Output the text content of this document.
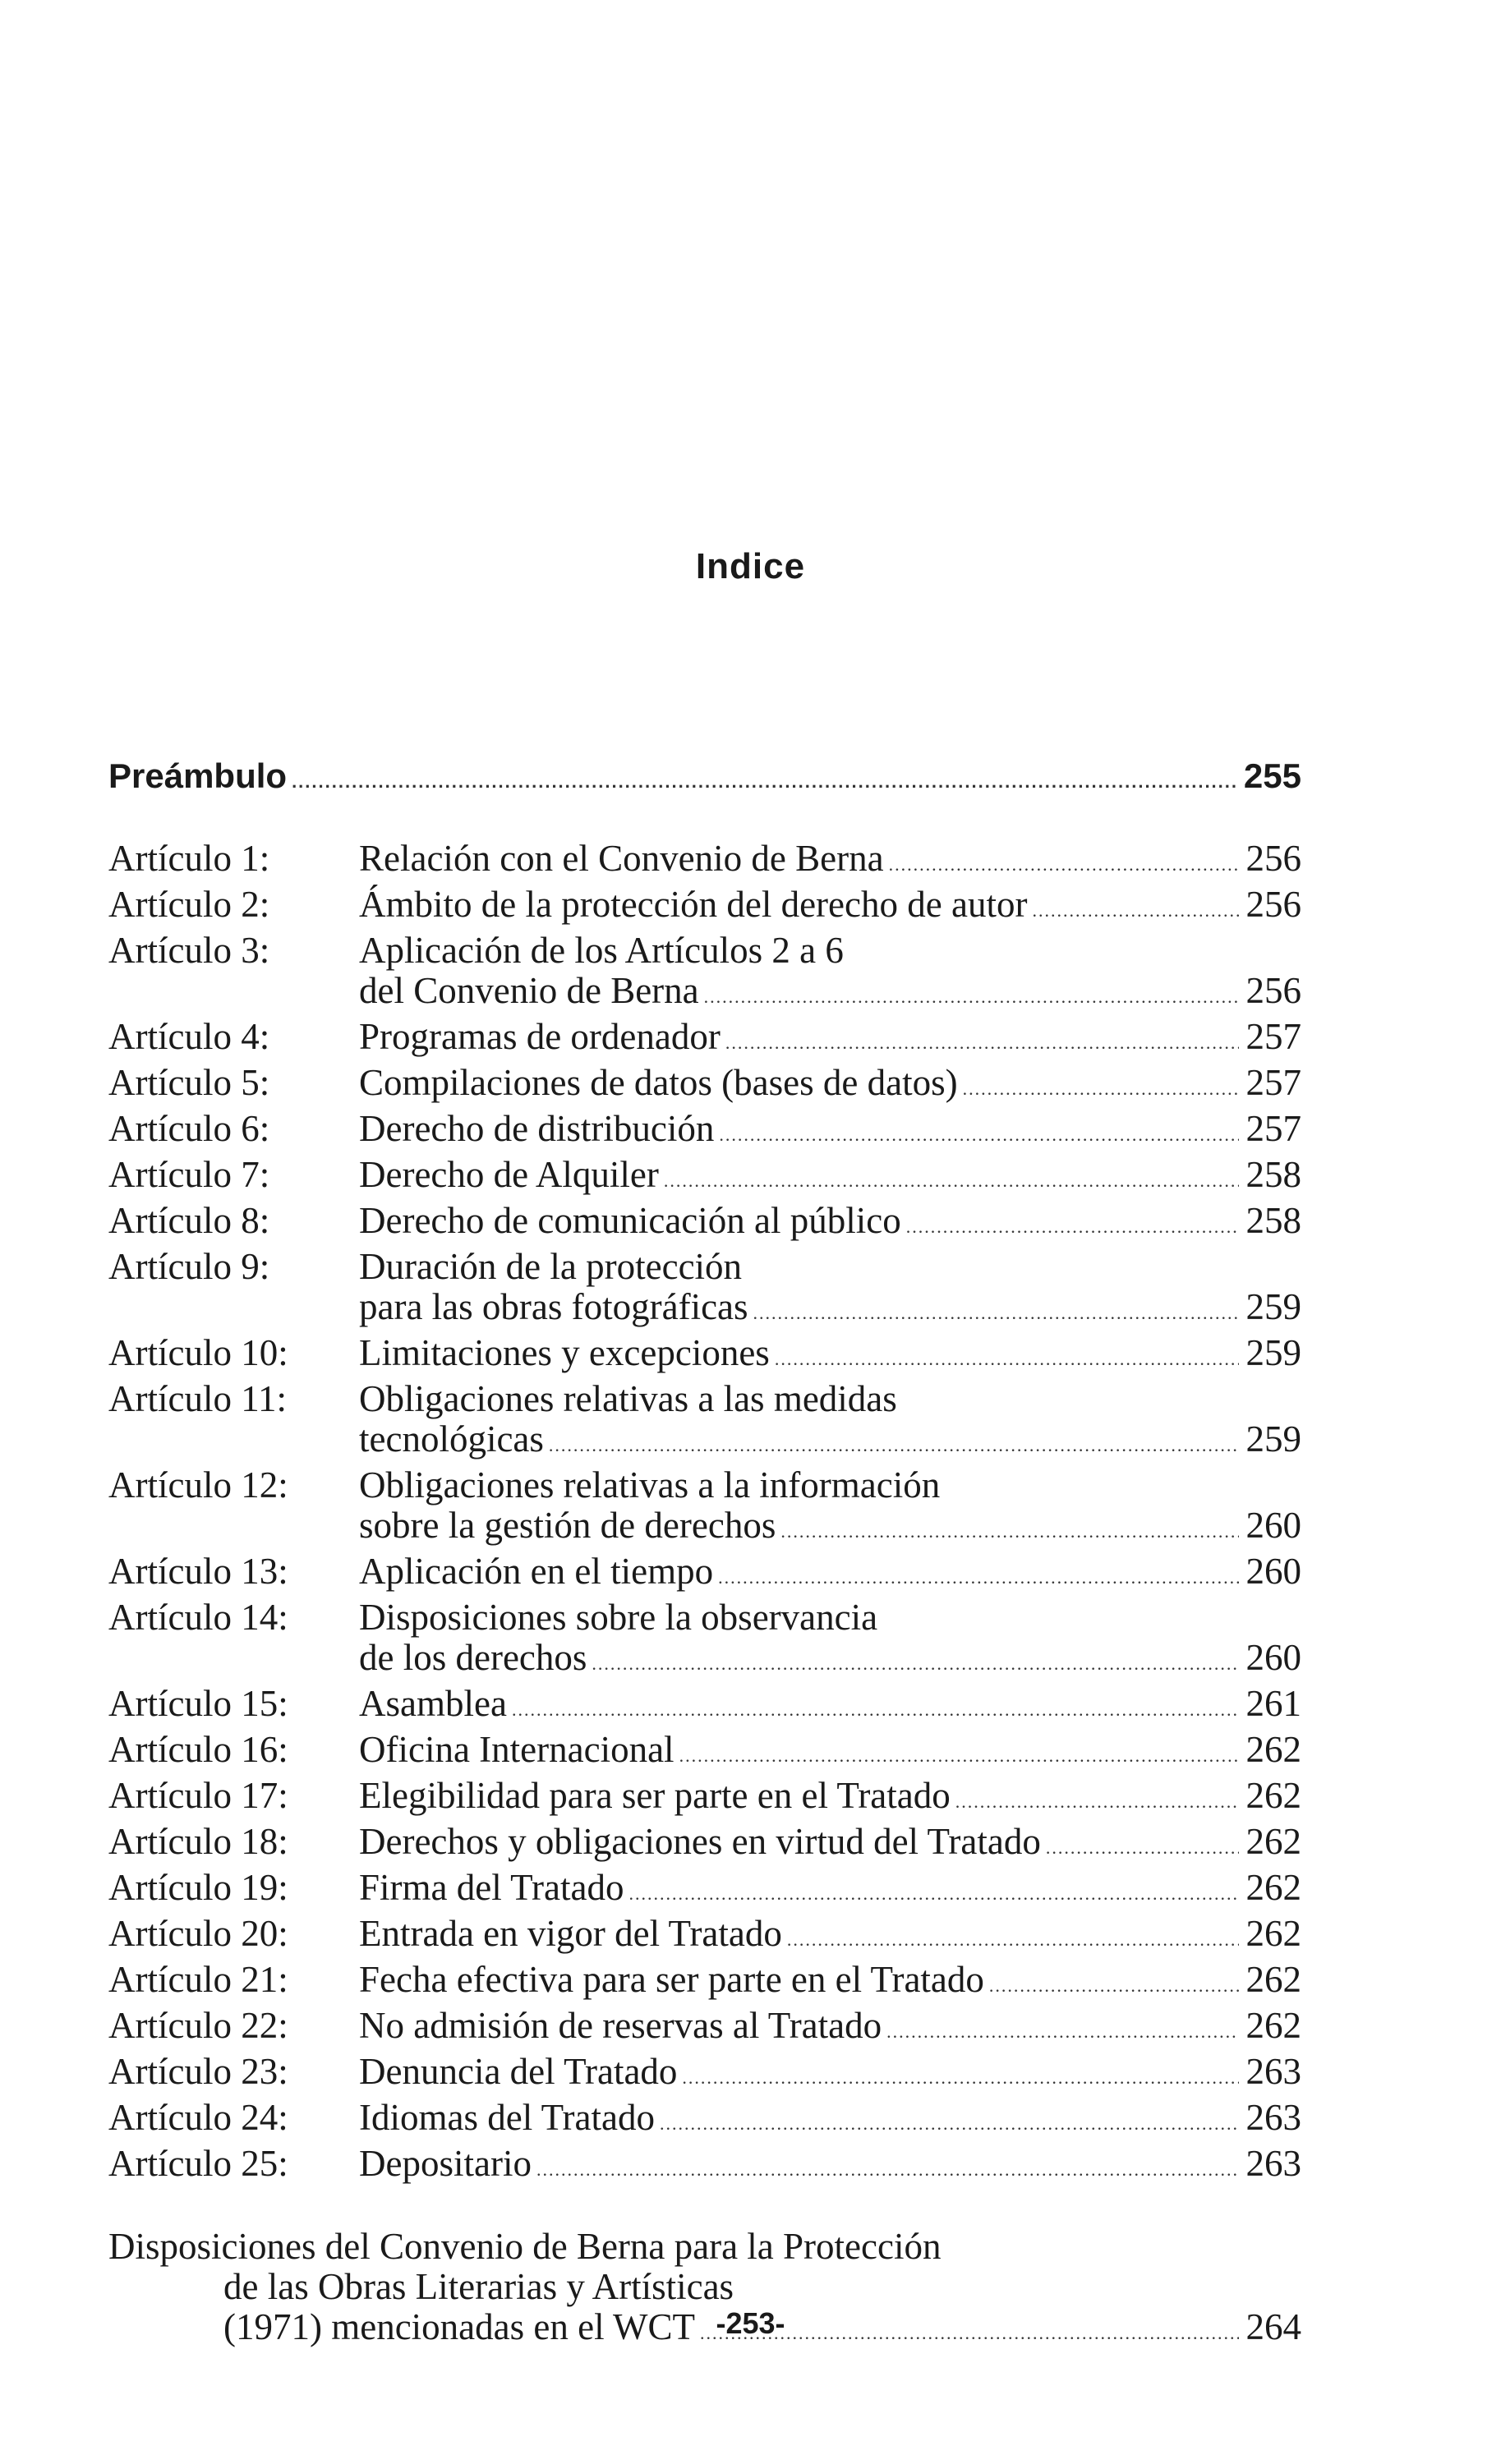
Indice
Preámbulo .....	255
Artículo 1:	Relación con el Convenio de Berna .....	256
Artículo 2:	Ámbito de la protección del derecho de autor .....	256
Artículo 3:	Aplicación de los Artículos 2 a 6
del Convenio de Berna .....	256
Artículo 4:	Programas de ordenador .....	257
Artículo 5:	Compilaciones de datos (bases de datos) .....	257
Artículo 6:	Derecho de distribución .....	257
Artículo 7:	Derecho de Alquiler .....	258
Artículo 8:	Derecho de comunicación al público .....	258
Artículo 9:	Duración de la protección
para las obras fotográficas .....	259
Artículo 10:	Limitaciones y excepciones .....	259
Artículo 11:	Obligaciones relativas a las medidas
tecnológicas .....	259
Artículo 12:	Obligaciones relativas a la información
sobre la gestión de derechos .....	260
Artículo 13:	Aplicación en el tiempo .....	260
Artículo 14:	Disposiciones sobre la observancia
de los derechos .....	260
Artículo 15:	Asamblea .....	261
Artículo 16:	Oficina Internacional .....	262
Artículo 17:	Elegibilidad para ser parte en el Tratado .....	262
Artículo 18:	Derechos y obligaciones en virtud del Tratado .....	262
Artículo 19:	Firma del Tratado .....	262
Artículo 20:	Entrada en vigor del Tratado .....	262
Artículo 21:	Fecha efectiva para ser parte en el Tratado .....	262
Artículo 22:	No admisión de reservas al Tratado .....	262
Artículo 23:	Denuncia del Tratado .....	263
Artículo 24:	Idiomas del Tratado .....	263
Artículo 25:	Depositario .....	263
Disposiciones del Convenio de Berna para la Protección
de las Obras Literarias y Artísticas
(1971) mencionadas en el WCT .....	264
-253-
